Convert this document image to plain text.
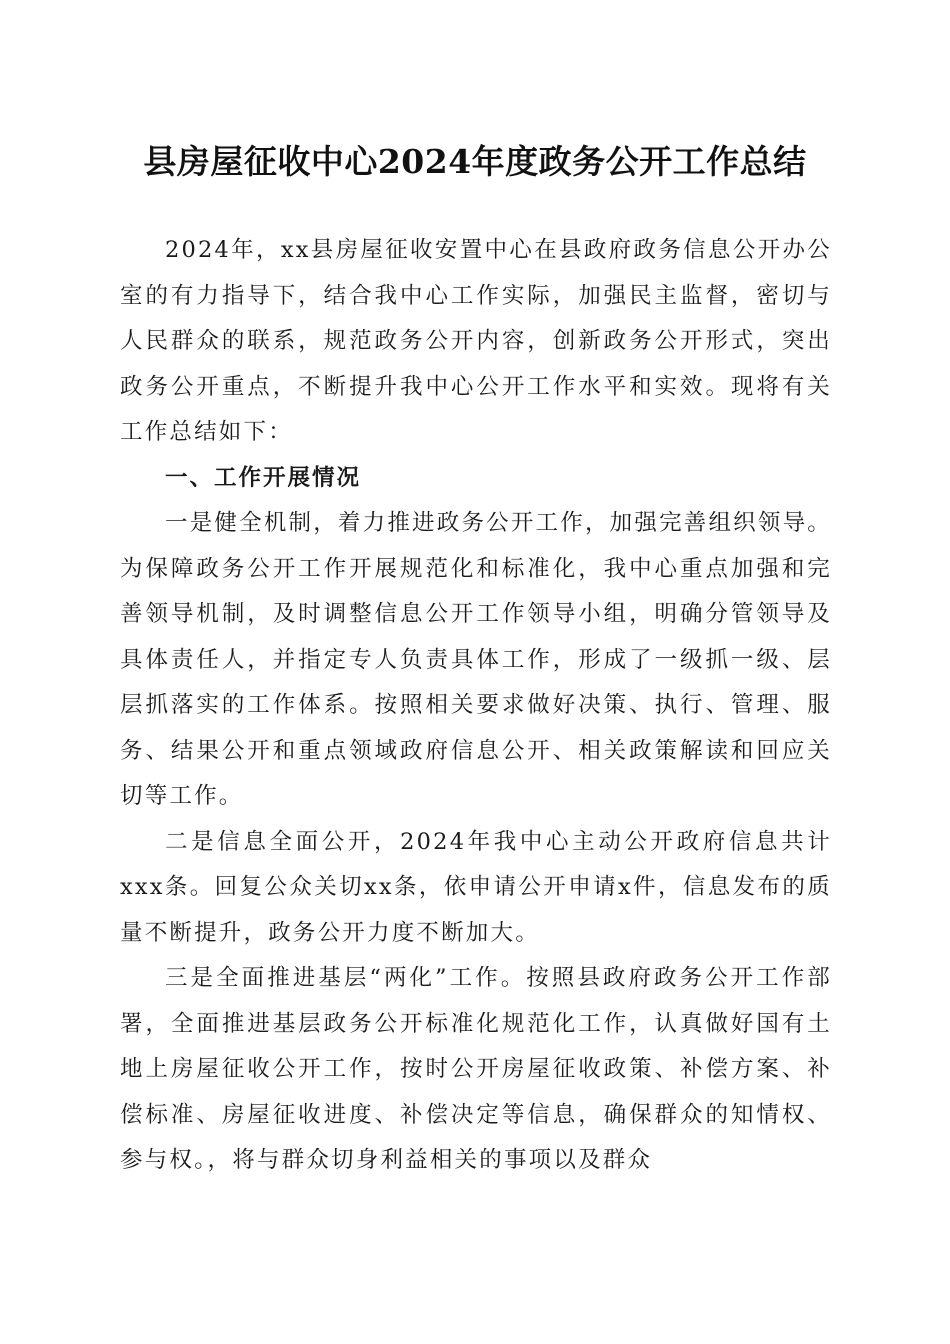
县房屋征收中心2024年度政务公开工作总结

2024年，xx县房屋征收安置中心在县政府政务信息公开办公室的有力指导下，结合我中心工作实际，加强民主监督，密切与人民群众的联系，规范政务公开内容，创新政务公开形式，突出政务公开重点，不断提升我中心公开工作水平和实效。现将有关工作总结如下：

一、工作开展情况

一是健全机制，着力推进政务公开工作，加强完善组织领导。为保障政务公开工作开展规范化和标准化，我中心重点加强和完善领导机制，及时调整信息公开工作领导小组，明确分管领导及具体责任人，并指定专人负责具体工作，形成了一级抓一级、层层抓落实的工作体系。按照相关要求做好决策、执行、管理、服务、结果公开和重点领域政府信息公开、相关政策解读和回应关切等工作。

二是信息全面公开，2024年我中心主动公开政府信息共计xxx条。回复公众关切xx条，依申请公开申请x件，信息发布的质量不断提升，政务公开力度不断加大。

三是全面推进基层“两化”工作。按照县政府政务公开工作部署，全面推进基层政务公开标准化规范化工作，认真做好国有土地上房屋征收公开工作，按时公开房屋征收政策、补偿方案、补偿标准、房屋征收进度、补偿决定等信息，确保群众的知情权、参与权。，将与群众切身利益相关的事项以及群众
